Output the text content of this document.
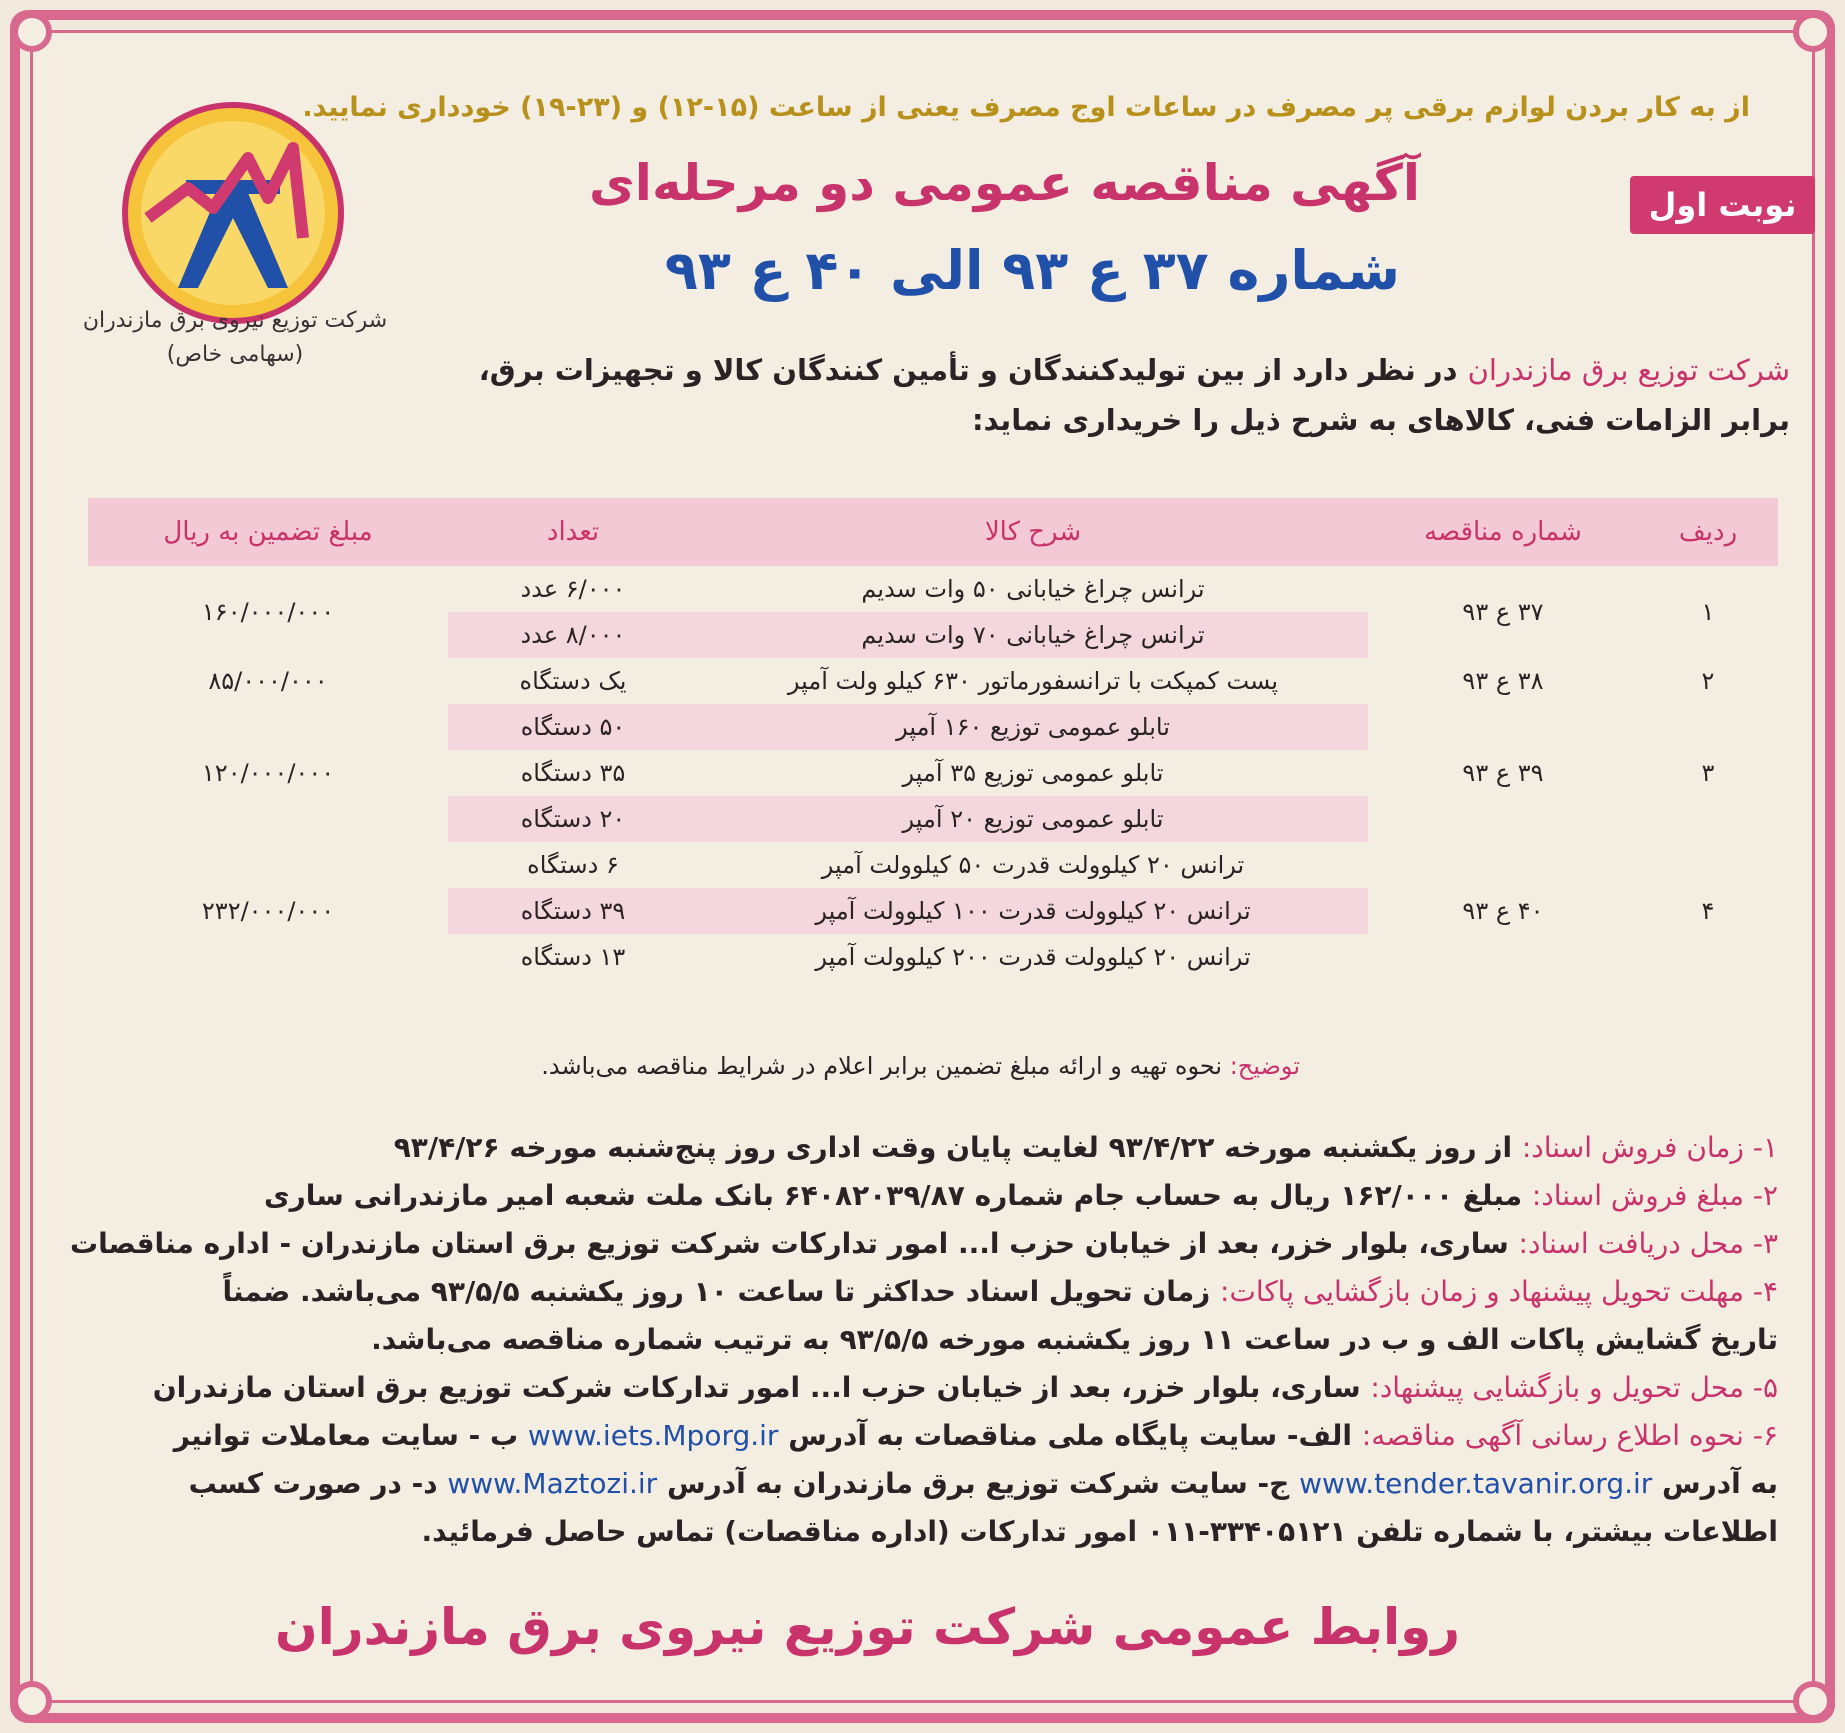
از به کار بردن لوازم برقی پر مصرف در ساعات اوج مصرف یعنی از ساعت (۱۵-۱۲) و (۲۳-۱۹) خودداری نمایید.
شرکت توزیع نیروی برق مازندران
(سهامی خاص)
نوبت اول
آگهی مناقصه عمومی دو مرحله‌ای
شماره ۳۷ ع ۹۳ الی ۴۰ ع ۹۳
شرکت توزیع برق مازندران در نظر دارد از بین تولیدکنندگان و تأمین کنندگان کالا و تجهیزات برق،
برابر الزامات فنی، کالاهای به شرح ذیل را خریداری نماید:
ردیف	شماره مناقصه	شرح کالا	تعداد	مبلغ تضمین به ریال
۱	۳۷ ع ۹۳	ترانس چراغ خیابانی ۵۰ وات سدیم	۶/۰۰۰ عدد	۱۶۰/۰۰۰/۰۰۰
		ترانس چراغ خیابانی ۷۰ وات سدیم	۸/۰۰۰ عدد	
۲	۳۸ ع ۹۳	پست کمپکت با ترانسفورماتور ۶۳۰ کیلو ولت آمپر	یک دستگاه	۸۵/۰۰۰/۰۰۰
۳	۳۹ ع ۹۳	تابلو عمومی توزیع ۱۶۰ آمپر	۵۰ دستگاه	۱۲۰/۰۰۰/۰۰۰
		تابلو عمومی توزیع ۳۵ آمپر	۳۵ دستگاه	
		تابلو عمومی توزیع ۲۰ آمپر	۲۰ دستگاه	
۴	۴۰ ع ۹۳	ترانس ۲۰ کیلوولت قدرت ۵۰ کیلوولت آمپر	۶ دستگاه	۲۳۲/۰۰۰/۰۰۰
		ترانس ۲۰ کیلوولت قدرت ۱۰۰ کیلوولت آمپر	۳۹ دستگاه	
		ترانس ۲۰ کیلوولت قدرت ۲۰۰ کیلوولت آمپر	۱۳ دستگاه	
توضیح: نحوه تهیه و ارائه مبلغ تضمین برابر اعلام در شرایط مناقصه می‌باشد.
۱- زمان فروش اسناد: از روز یکشنبه مورخه ۹۳/۴/۲۲ لغایت پایان وقت اداری روز پنج‌شنبه مورخه ۹۳/۴/۲۶
۲- مبلغ فروش اسناد: مبلغ ۱۶۲/۰۰۰ ریال به حساب جام شماره ۶۴۰۸۲۰۳۹/۸۷ بانک ملت شعبه امیر مازندرانی ساری
۳- محل دریافت اسناد: ساری، بلوار خزر، بعد از خیابان حزب ا... امور تدارکات شرکت توزیع برق استان مازندران - اداره مناقصات
۴- مهلت تحویل پیشنهاد و زمان بازگشایی پاکات: زمان تحویل اسناد حداکثر تا ساعت ۱۰ روز یکشنبه ۹۳/۵/۵ می‌باشد. ضمناً
تاریخ گشایش پاکات الف و ب در ساعت ۱۱ روز یکشنبه مورخه ۹۳/۵/۵ به ترتیب شماره مناقصه می‌باشد.
۵- محل تحویل و بازگشایی پیشنهاد: ساری، بلوار خزر، بعد از خیابان حزب ا... امور تدارکات شرکت توزیع برق استان مازندران
۶- نحوه اطلاع رسانی آگهی مناقصه: الف- سایت پایگاه ملی مناقصات به آدرس www.iets.Mporg.ir ب - سایت معاملات توانیر
به آدرس www.tender.tavanir.org.ir ج- سایت شرکت توزیع برق مازندران به آدرس www.Maztozi.ir د- در صورت کسب
اطلاعات بیشتر، با شماره تلفن ۳۳۴۰۵۱۲۱-۰۱۱ امور تدارکات (اداره مناقصات) تماس حاصل فرمائید.
روابط عمومی شرکت توزیع نیروی برق مازندران
